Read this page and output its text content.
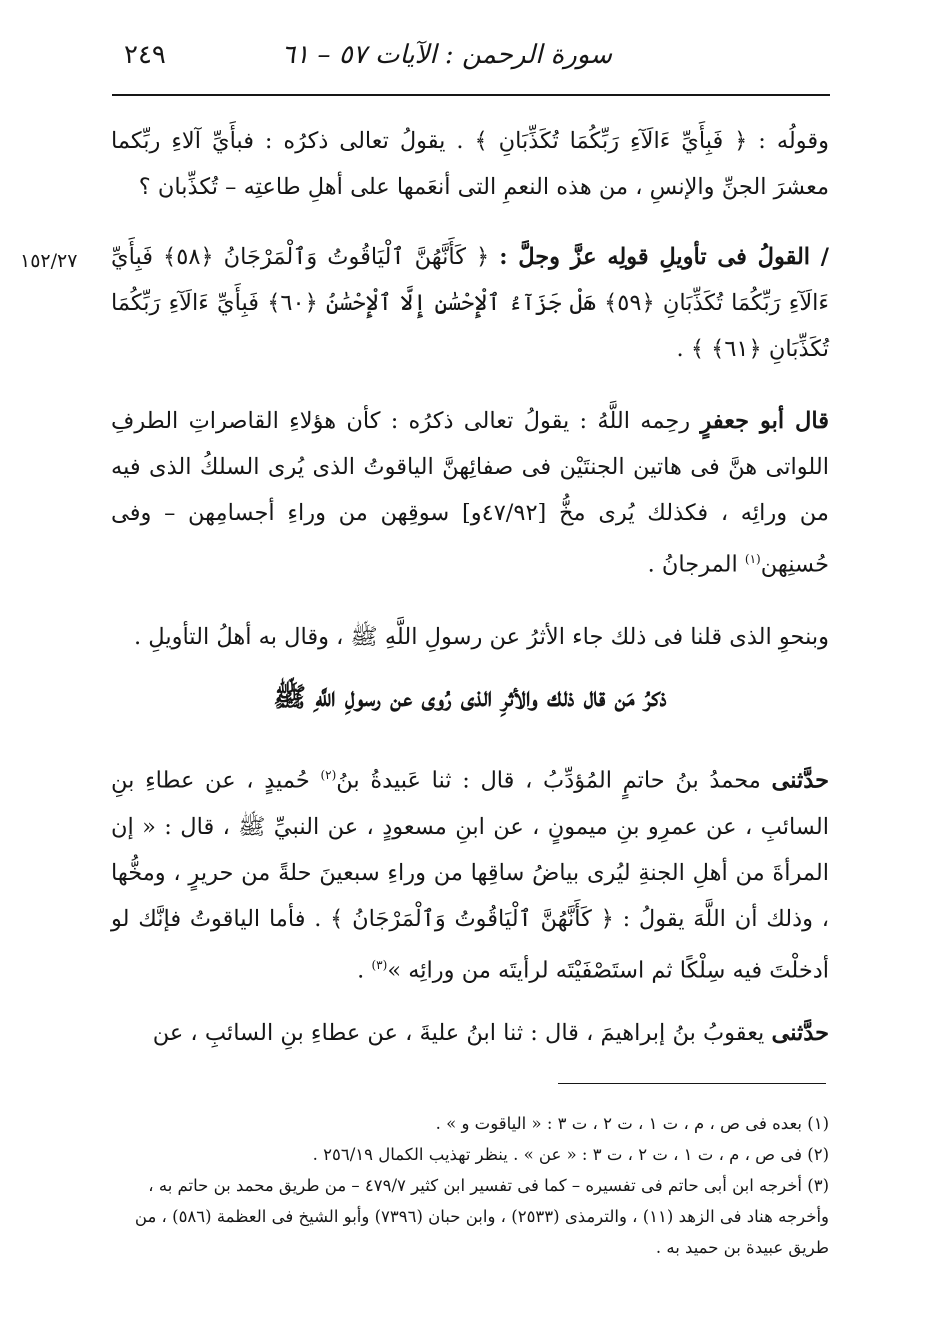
٢٤٩	سورة الرحمن : الآيات ٥٧ – ٦١
١٥٢/٢٧

وقولُه : ﴿ فَبِأَيِّ ءَالَآءِ رَبِّكُمَا تُكَذِّبَانِ ﴾ . يقولُ تعالى ذكرُه : فبأَيِّ آلاءِ ربِّكما معشرَ الجنِّ والإنسِ ، من هذه النعمِ التى أنعَمها على أهلِ طاعتِه – تُكذِّبان ؟

/ القولُ فى تأويلِ قولِه عزَّ وجلَّ : ﴿ كَأَنَّهُنَّ ٱلْيَاقُوتُ وَٱلْمَرْجَانُ ﴿٥٨﴾ فَبِأَيِّ ءَالَآءِ رَبِّكُمَا تُكَذِّبَانِ ﴿٥٩﴾ هَلْ جَزَآءُ ٱلْإِحْسَٰنِ إِلَّا ٱلْإِحْسَٰنُ ﴿٦٠﴾ فَبِأَيِّ ءَالَآءِ رَبِّكُمَا تُكَذِّبَانِ ﴿٦١﴾ ﴾ .

قال أبو جعفرٍ رحِمه اللَّهُ : يقولُ تعالى ذكرُه : كأن هؤلاءِ القاصراتِ الطرفِ اللواتى هنَّ فى هاتين الجنتَيْن فى صفائِهنَّ الياقوتُ الذى يُرى السلكُ الذى فيه من ورائِه ، فكذلك يُرى مخُّ [٤٧/٩٢و] سوقِهن من وراءِ أجسامِهن – وفى حُسنِهن$^{(١)}$ المرجانُ .

وبنحوِ الذى قلنا فى ذلك جاء الأثرُ عن رسولِ اللَّهِ ﷺ ، وقال به أهلُ التأويلِ .

ذكرُ مَن قال ذلك والأثرِ الذى رُوى عن رسولِ اللَّهِ ﷺ

حدَّثنى محمدُ بنُ حاتمٍ المُؤدِّبُ ، قال : ثنا عَبيدةُ بنُ$^{(٢)}$ حُميدٍ ، عن عطاءِ بنِ السائبِ ، عن عمرِو بنِ ميمونٍ ، عن ابنِ مسعودٍ ، عن النبيِّ ﷺ ، قال : « إن المرأةَ من أهلِ الجنةِ ليُرى بياضُ ساقِها من وراءِ سبعينَ حلةً من حريرٍ ، ومخُّها ، وذلك أن اللَّهَ يقولُ : ﴿ كَأَنَّهُنَّ ٱلْيَاقُوتُ وَٱلْمَرْجَانُ ﴾ . فأما الياقوتُ فإنَّك لو أدخلْتَ فيه سِلْكًا ثم استَصْفَيْتَه لرأيتَه من ورائِه »$^{(٣)}$ .

حدَّثنى يعقوبُ بنُ إبراهيمَ ، قال : ثنا ابنُ عليةَ ، عن عطاءِ بنِ السائبِ ، عن

(١) بعده فى ص ، م ، ت ١ ، ت ٢ ، ت ٣ : « الياقوت و » .
(٢) فى ص ، م ، ت ١ ، ت ٢ ، ت ٣ : « عن » . ينظر تهذيب الكمال ٢٥٦/١٩ .
(٣) أخرجه ابن أبى حاتم فى تفسيره – كما فى تفسير ابن كثير ٤٧٩/٧ – من طريق محمد بن حاتم به ، وأخرجه هناد فى الزهد (١١) ، والترمذى (٢٥٣٣) ، وابن حبان (٧٣٩٦) وأبو الشيخ فى العظمة (٥٨٦) ، من طريق عبيدة بن حميد به .
